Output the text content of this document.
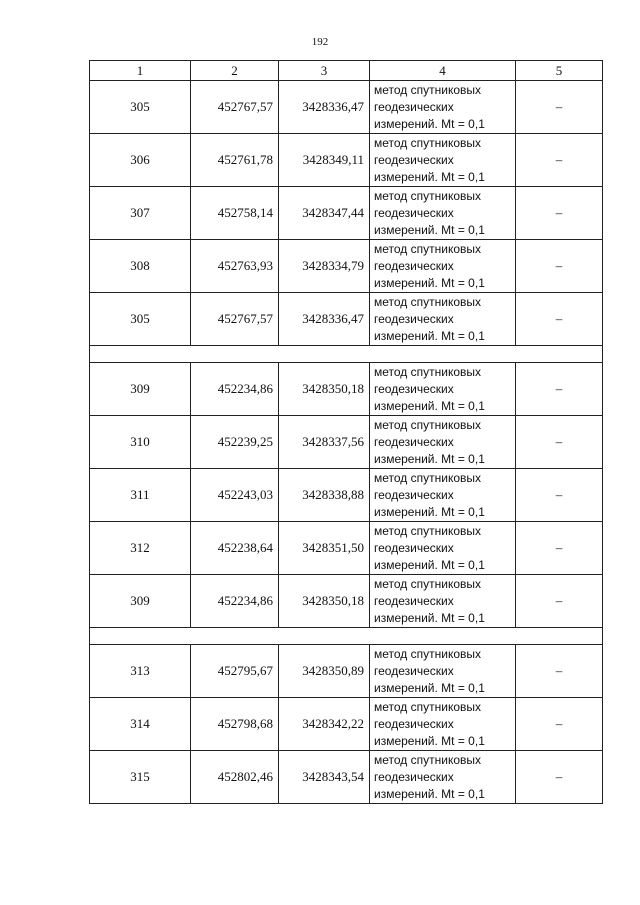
192
1	2	3	4	5
305	452767,57	3428336,47	метод спутниковых
геодезических
измерений. Mt = 0,1	–
306	452761,78	3428349,11	метод спутниковых
геодезических
измерений. Mt = 0,1	–
307	452758,14	3428347,44	метод спутниковых
геодезических
измерений. Mt = 0,1	–
308	452763,93	3428334,79	метод спутниковых
геодезических
измерений. Mt = 0,1	–
305	452767,57	3428336,47	метод спутниковых
геодезических
измерений. Mt = 0,1	–

309	452234,86	3428350,18	метод спутниковых
геодезических
измерений. Mt = 0,1	–
310	452239,25	3428337,56	метод спутниковых
геодезических
измерений. Mt = 0,1	–
311	452243,03	3428338,88	метод спутниковых
геодезических
измерений. Mt = 0,1	–
312	452238,64	3428351,50	метод спутниковых
геодезических
измерений. Mt = 0,1	–
309	452234,86	3428350,18	метод спутниковых
геодезических
измерений. Mt = 0,1	–

313	452795,67	3428350,89	метод спутниковых
геодезических
измерений. Mt = 0,1	–
314	452798,68	3428342,22	метод спутниковых
геодезических
измерений. Mt = 0,1	–
315	452802,46	3428343,54	метод спутниковых
геодезических
измерений. Mt = 0,1	–
